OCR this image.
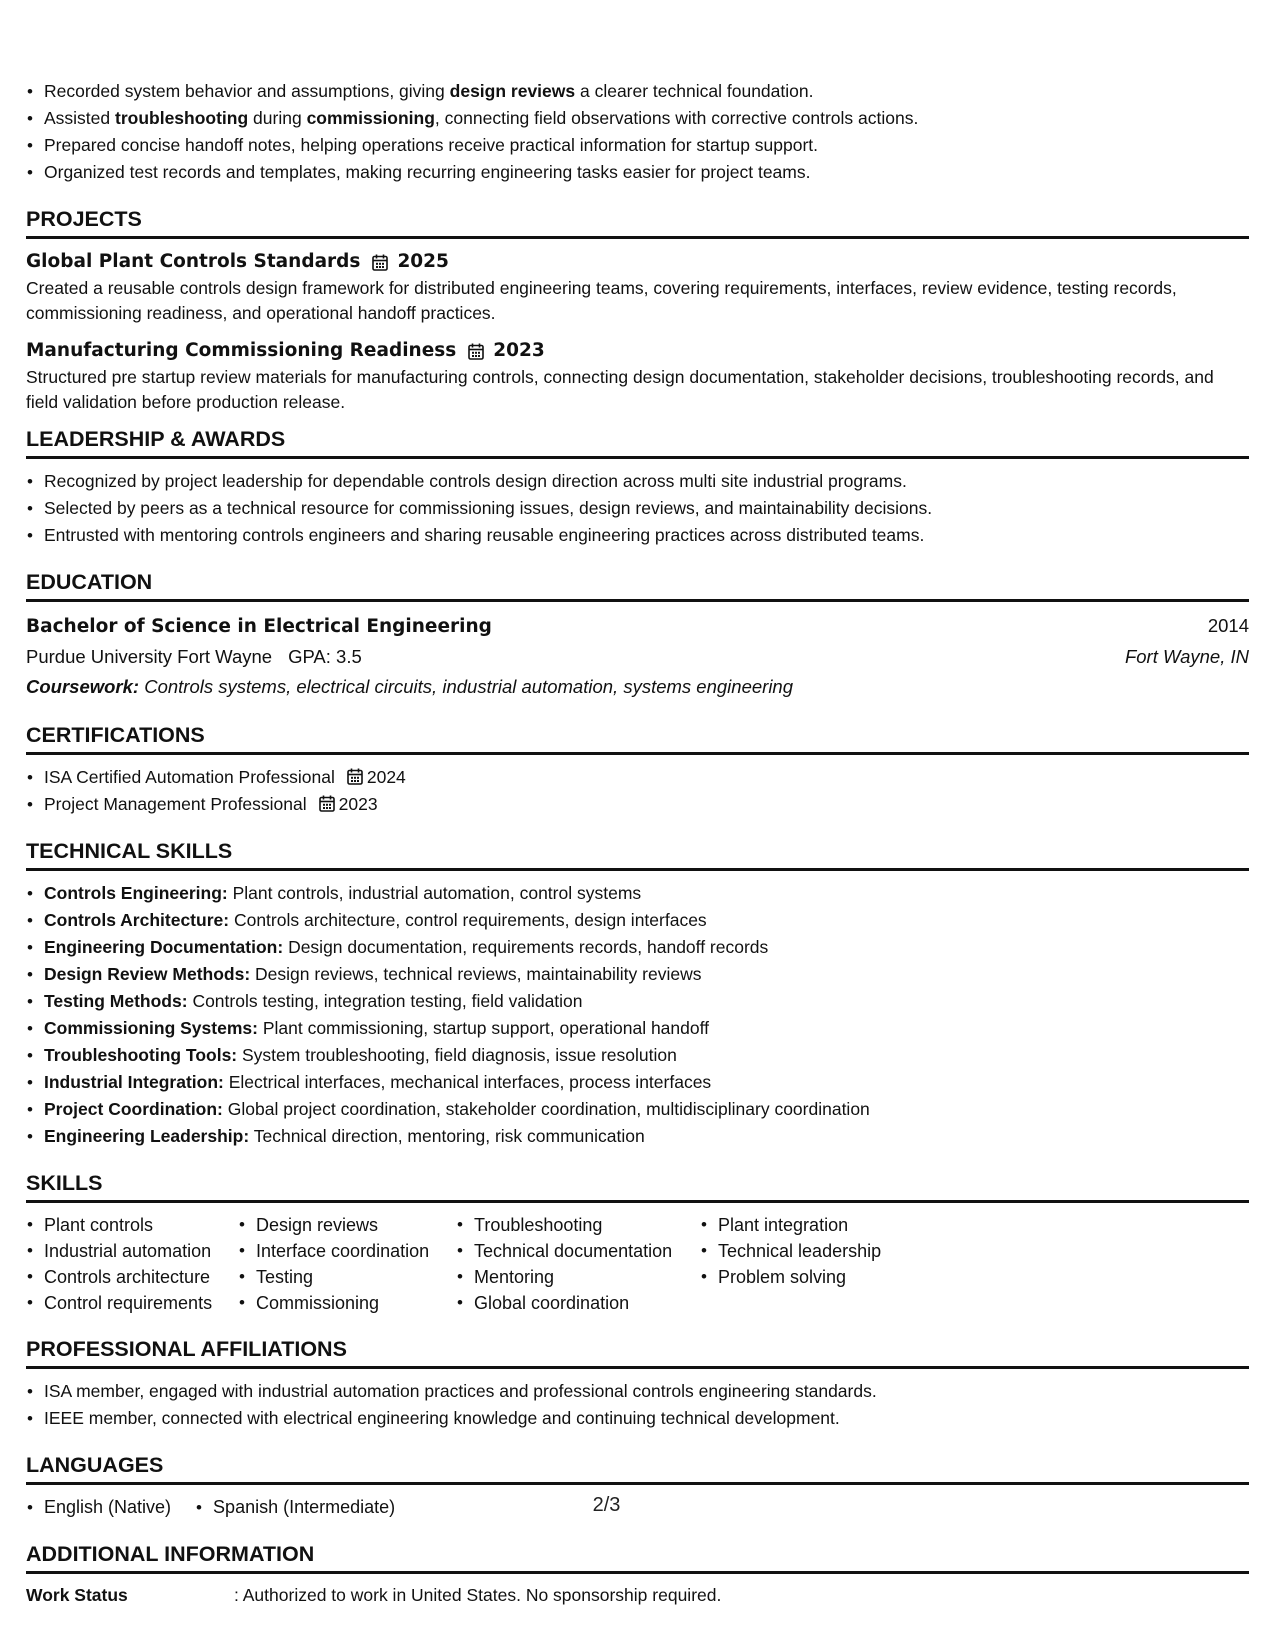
• Recorded system behavior and assumptions, giving design reviews a clearer technical foundation.
• Assisted troubleshooting during commissioning, connecting field observations with corrective controls actions.
• Prepared concise handoff notes, helping operations receive practical information for startup support.
• Organized test records and templates, making recurring engineering tasks easier for project teams.
PROJECTS
Global Plant Controls Standards 2025
Created a reusable controls design framework for distributed engineering teams, covering requirements, interfaces, review evidence, testing records, commissioning readiness, and operational handoff practices.
Manufacturing Commissioning Readiness 2023
Structured pre startup review materials for manufacturing controls, connecting design documentation, stakeholder decisions, troubleshooting records, and field validation before production release.
LEADERSHIP & AWARDS
• Recognized by project leadership for dependable controls design direction across multi site industrial programs.
• Selected by peers as a technical resource for commissioning issues, design reviews, and maintainability decisions.
• Entrusted with mentoring controls engineers and sharing reusable engineering practices across distributed teams.
EDUCATION
Bachelor of Science in Electrical Engineering	2014
Purdue University Fort Wayne GPA: 3.5	Fort Wayne, IN
Coursework: Controls systems, electrical circuits, industrial automation, systems engineering
CERTIFICATIONS
• ISA Certified Automation Professional 2024
• Project Management Professional 2023
TECHNICAL SKILLS
• Controls Engineering: Plant controls, industrial automation, control systems
• Controls Architecture: Controls architecture, control requirements, design interfaces
• Engineering Documentation: Design documentation, requirements records, handoff records
• Design Review Methods: Design reviews, technical reviews, maintainability reviews
• Testing Methods: Controls testing, integration testing, field validation
• Commissioning Systems: Plant commissioning, startup support, operational handoff
• Troubleshooting Tools: System troubleshooting, field diagnosis, issue resolution
• Industrial Integration: Electrical interfaces, mechanical interfaces, process interfaces
• Project Coordination: Global project coordination, stakeholder coordination, multidisciplinary coordination
• Engineering Leadership: Technical direction, mentoring, risk communication
SKILLS
• Plant controls
• Industrial automation
• Controls architecture
• Control requirements
• Design reviews
• Interface coordination
• Testing
• Commissioning
• Troubleshooting
• Technical documentation
• Mentoring
• Global coordination
• Plant integration
• Technical leadership
• Problem solving
PROFESSIONAL AFFILIATIONS
• ISA member, engaged with industrial automation practices and professional controls engineering standards.
• IEEE member, connected with electrical engineering knowledge and continuing technical development.
LANGUAGES
• English (Native)
•	Spanish (Intermediate)
ADDITIONAL INFORMATION
Work Status	: Authorized to work in United States. No sponsorship required.
2/3
